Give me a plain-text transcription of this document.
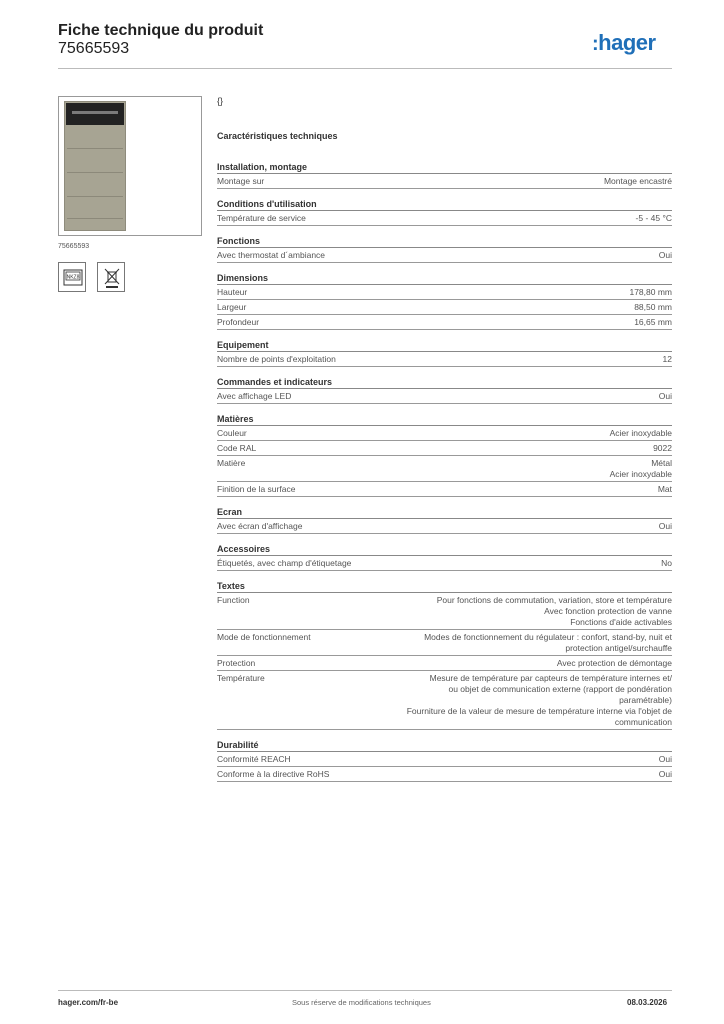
Fiche technique du produit
75665593	:hager
75665593
NKZ8
{}
Caractéristiques techniques
Installation, montage
Montage sur	Montage encastré
Conditions d'utilisation
Température de service	-5 - 45 °C
Fonctions
Avec thermostat d´ambiance	Oui
Dimensions
Hauteur	178,80 mm
Largeur	88,50 mm
Profondeur	16,65 mm
Equipement
Nombre de points d'exploitation	12
Commandes et indicateurs
Avec affichage LED	Oui
Matières
Couleur	Acier inoxydable
Code RAL	9022
Matière	Métal
Acier inoxydable
Finition de la surface	Mat
Ecran
Avec écran d'affichage	Oui
Accessoires
Étiquetés, avec champ d'étiquetage	No
Textes
Function	Pour fonctions de commutation, variation, store et température
Avec fonction protection de vanne
Fonctions d'aide activables
Mode de fonctionnement	Modes de fonctionnement du régulateur : confort, stand-by, nuit et
protection antigel/surchauffe
Protection	Avec protection de démontage
Température	Mesure de température par capteurs de température internes et/
ou objet de communication externe (rapport de pondération
paramétrable)
Fourniture de la valeur de mesure de température interne via l'objet de
communication
Durabilité
Conformité REACH	Oui
Conforme à la directive RoHS	Oui
hager.com/fr-be	Sous réserve de modifications techniques	08.03.2026
